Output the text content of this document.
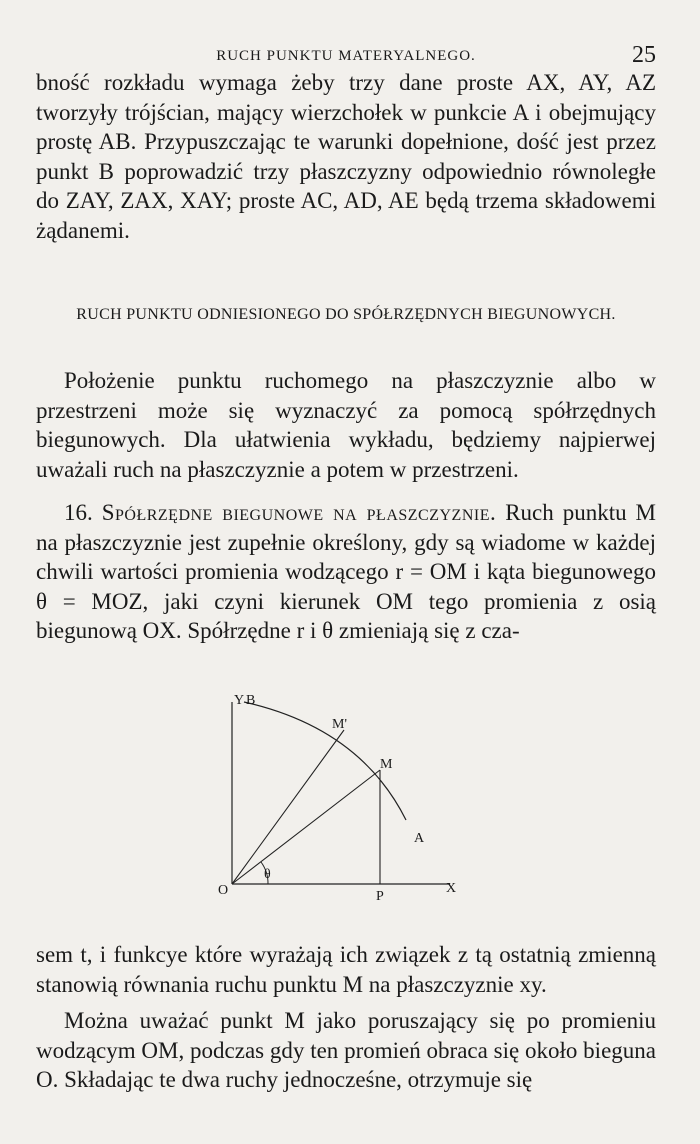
RUCH PUNKTU MATERYALNEGO.	25

bność rozkładu wymaga żeby trzy dane proste AX, AY, AZ tworzyły trójścian, mający wierzchołek w punkcie A i obejmujący prostę AB. Przypuszczając te warunki dopełnione, dość jest przez punkt B poprowadzić trzy płaszczyzny odpowiednio równoległe do ZAY, ZAX, XAY; proste AC, AD, AE będą trzema składowemi żądanemi.

RUCH PUNKTU ODNIESIONEGO DO SPÓŁRZĘDNYCH BIEGUNOWYCH.

Położenie punktu ruchomego na płaszczyznie albo w przestrzeni może się wyznaczyć za pomocą spółrzędnych biegunowych. Dla ułatwienia wykładu, będziemy najpierwej uważali ruch na płaszczyznie a potem w przestrzeni.

16. Spółrzędne biegunowe na płaszczyznie. Ruch punktu M na płaszczyznie jest zupełnie określony, gdy są wiadome w każdej chwili wartości promienia wodzącego r = OM i kąta biegunowego θ = MOZ, jaki czyni kierunek OM tego promienia z osią biegunową OX. Spółrzędne r i θ zmieniają się z cza-

Y B
M'
M
A
θ
O	P
X

sem t, i funkcye które wyrażają ich związek z tą ostatnią zmienną stanowią równania ruchu punktu M na płaszczyznie xy.

Można uważać punkt M jako poruszający się po promieniu wodzącym OM, podczas gdy ten promień obraca się około bieguna O. Składając te dwa ruchy jednocześne, otrzymuje się
